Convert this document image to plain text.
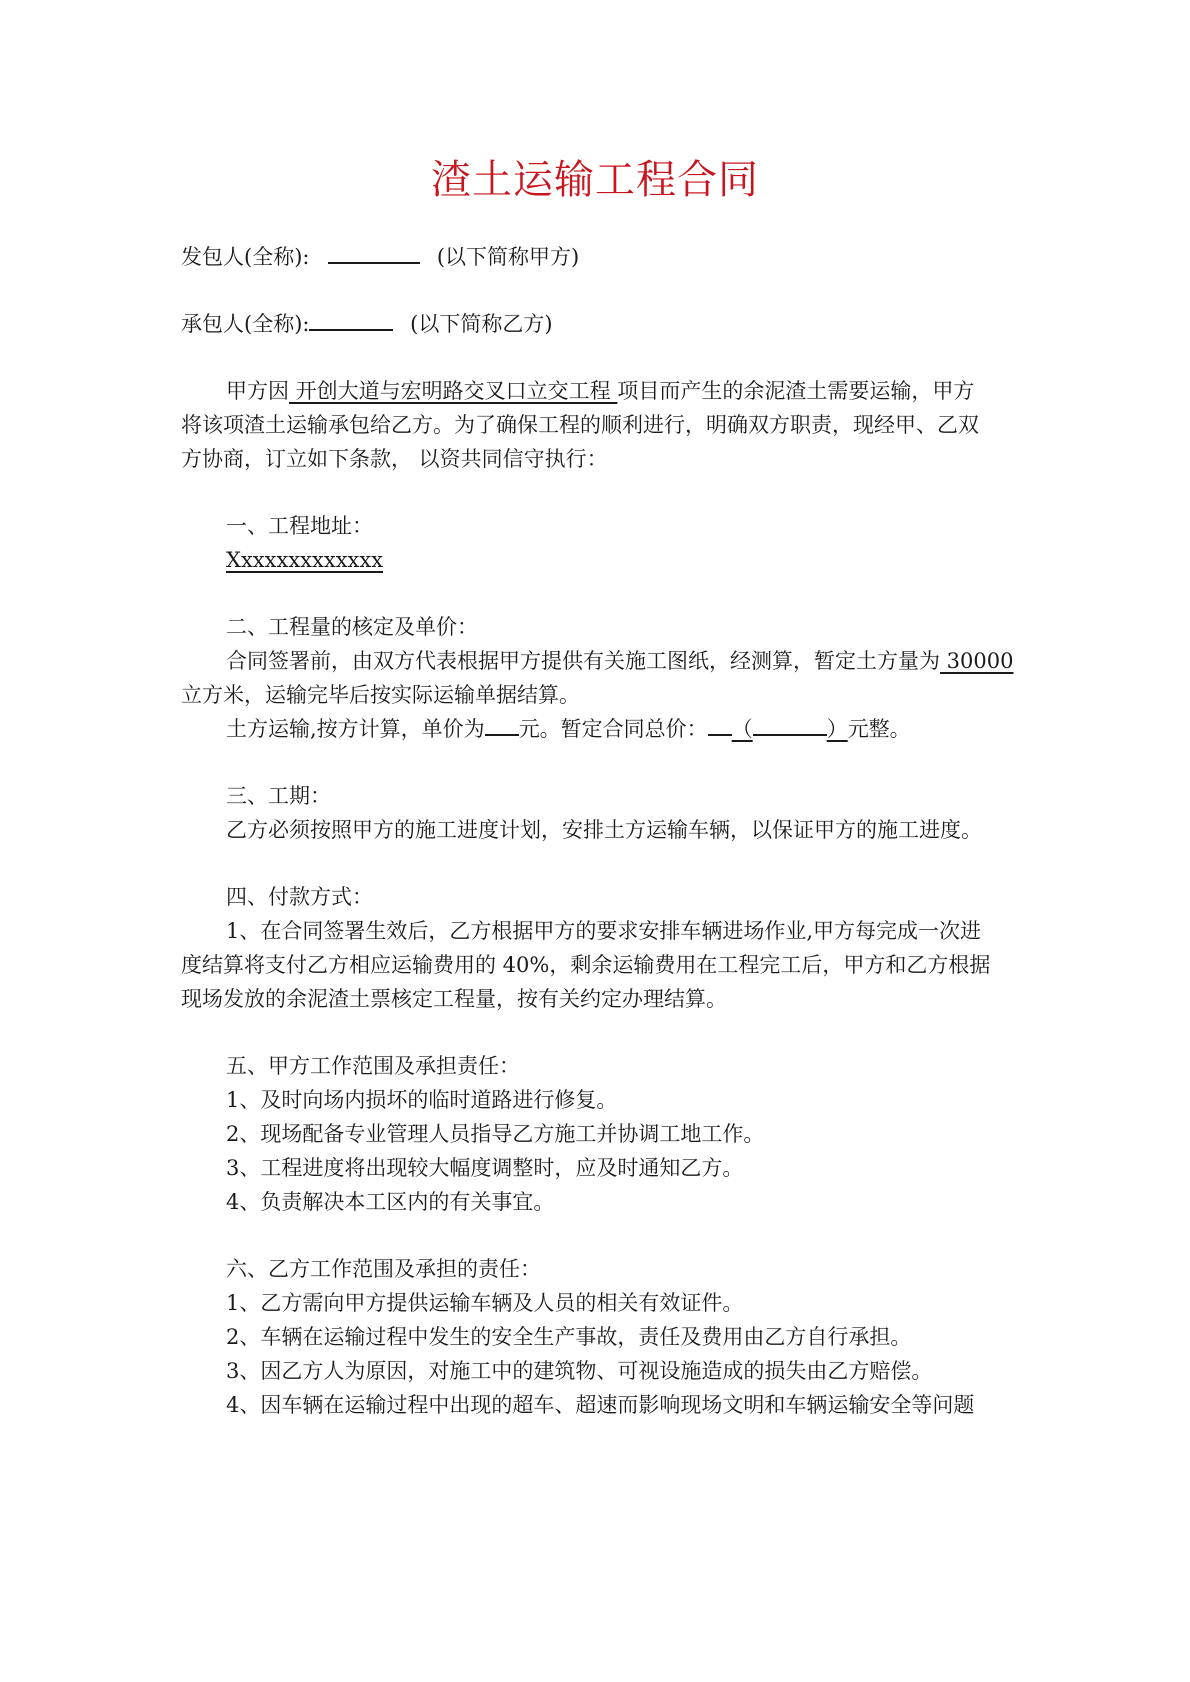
渣土运输工程合同
发包人(全称):	(以下简称甲方)
承包人(全称):	(以下简称乙方)
甲方因 开创大道与宏明路交叉口立交工程 项目而产生的余泥渣土需要运输，甲方
将该项渣土运输承包给乙方。为了确保工程的顺利进行，明确双方职责，现经甲、乙双
方协商，订立如下条款， 以资共同信守执行：
一、工程地址：
Xxxxxxxxxxxxx
二、工程量的核定及单价：
合同签署前，由双方代表根据甲方提供有关施工图纸，经测算，暂定土方量为 30000
立方米，运输完毕后按实际运输单据结算。
土方运输,按方计算，单价为 元。暂定合同总价： （	）元整。
三、工期：
乙方必须按照甲方的施工进度计划，安排土方运输车辆，以保证甲方的施工进度。
四、付款方式：
1、在合同签署生效后，乙方根据甲方的要求安排车辆进场作业,甲方每完成一次进
度结算将支付乙方相应运输费用的 40%，剩余运输费用在工程完工后，甲方和乙方根据
现场发放的余泥渣土票核定工程量，按有关约定办理结算。
五、甲方工作范围及承担责任：
1、及时向场内损坏的临时道路进行修复。
2、现场配备专业管理人员指导乙方施工并协调工地工作。
3、工程进度将出现较大幅度调整时，应及时通知乙方。
4、负责解决本工区内的有关事宜。
六、乙方工作范围及承担的责任：
1、乙方需向甲方提供运输车辆及人员的相关有效证件。
2、车辆在运输过程中发生的安全生产事故，责任及费用由乙方自行承担。
3、因乙方人为原因，对施工中的建筑物、可视设施造成的损失由乙方赔偿。
4、因车辆在运输过程中出现的超车、超速而影响现场文明和车辆运输安全等问题
